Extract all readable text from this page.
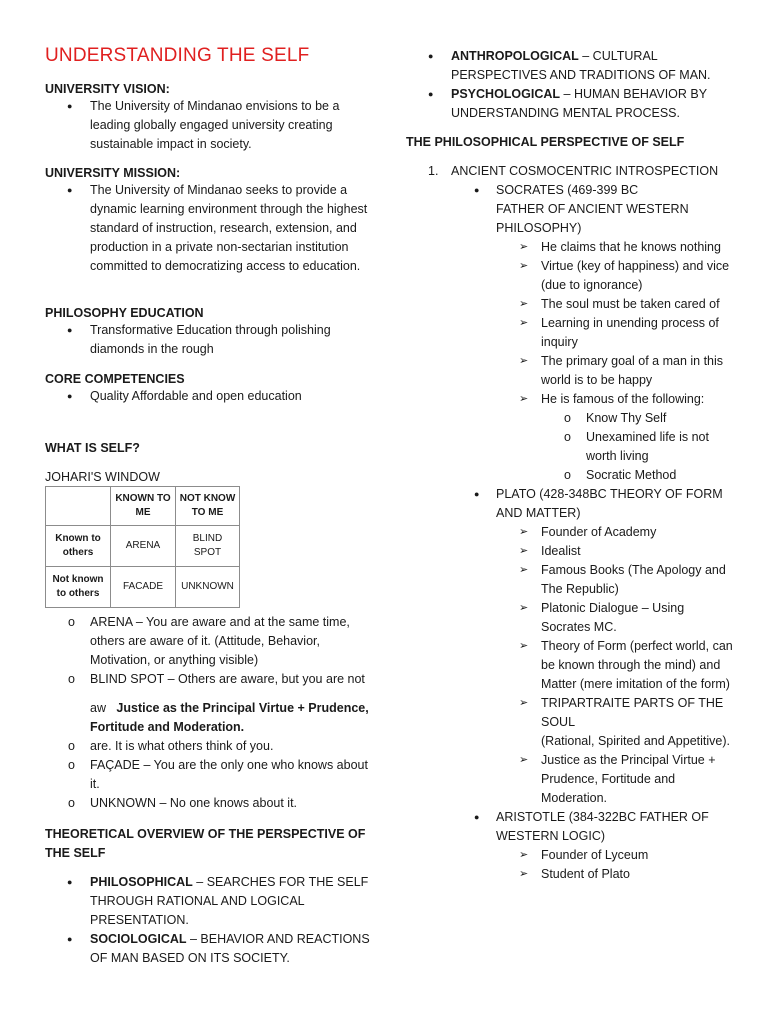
UNDERSTANDING THE SELF
UNIVERSITY VISION:
● The University of Mindanao envisions to be a leading globally engaged university creating sustainable impact in society.
UNIVERSITY MISSION:
● The University of Mindanao seeks to provide a dynamic learning environment through the highest standard of instruction, research, extension, and production in a private non-sectarian institution committed to democratizing access to education.
PHILOSOPHY EDUCATION
● Transformative Education through polishing diamonds in the rough
CORE COMPETENCIES
● Quality Affordable and open education
WHAT IS SELF?
JOHARI'S WINDOW
	KNOWN TO ME	NOT KNOW TO ME
Known to others	ARENA	BLIND SPOT
Not known to others	FACADE	UNKNOWN
o ARENA – You are aware and at the same time, others are aware of it. (Attitude, Behavior, Motivation, or anything visible)
o BLIND SPOT – Others are aware, but you are not
aw Justice as the Principal Virtue + Prudence, Fortitude and Moderation.
o are. It is what others think of you.
o FAÇADE – You are the only one who knows about it.
o UNKNOWN – No one knows about it.
THEORETICAL OVERVIEW OF THE PERSPECTIVE OF THE SELF
● PHILOSOPHICAL – SEARCHES FOR THE SELF THROUGH RATIONAL AND LOGICAL PRESENTATION.
● SOCIOLOGICAL – BEHAVIOR AND REACTIONS OF MAN BASED ON ITS SOCIETY.
● ANTHROPOLOGICAL – CULTURAL PERSPECTIVES AND TRADITIONS OF MAN.
● PSYCHOLOGICAL – HUMAN BEHAVIOR BY UNDERSTANDING MENTAL PROCESS.
THE PHILOSOPHICAL PERSPECTIVE OF SELF
1. ANCIENT COSMOCENTRIC INTROSPECTION
● SOCRATES (469-399 BC
FATHER OF ANCIENT WESTERN
PHILOSOPHY)
➢ He claims that he knows nothing
➢ Virtue (key of happiness) and vice (due to ignorance)
➢ The soul must be taken cared of
➢ Learning in unending process of inquiry
➢ The primary goal of a man in this world is to be happy
➢ He is famous of the following:
o Know Thy Self
o Unexamined life is not worth living
o Socratic Method
● PLATO (428-348BC THEORY OF FORM AND MATTER)
➢ Founder of Academy
➢ Idealist
➢ Famous Books (The Apology and The Republic)
➢ Platonic Dialogue – Using Socrates MC.
➢ Theory of Form (perfect world, can be known through the mind) and Matter (mere imitation of the form)
➢ TRIPARTRAITE PARTS OF THE SOUL
(Rational, Spirited and Appetitive).
➢ Justice as the Principal Virtue + Prudence, Fortitude and Moderation.
● ARISTOTLE (384-322BC FATHER OF WESTERN LOGIC)
➢ Founder of Lyceum
➢ Student of Plato
